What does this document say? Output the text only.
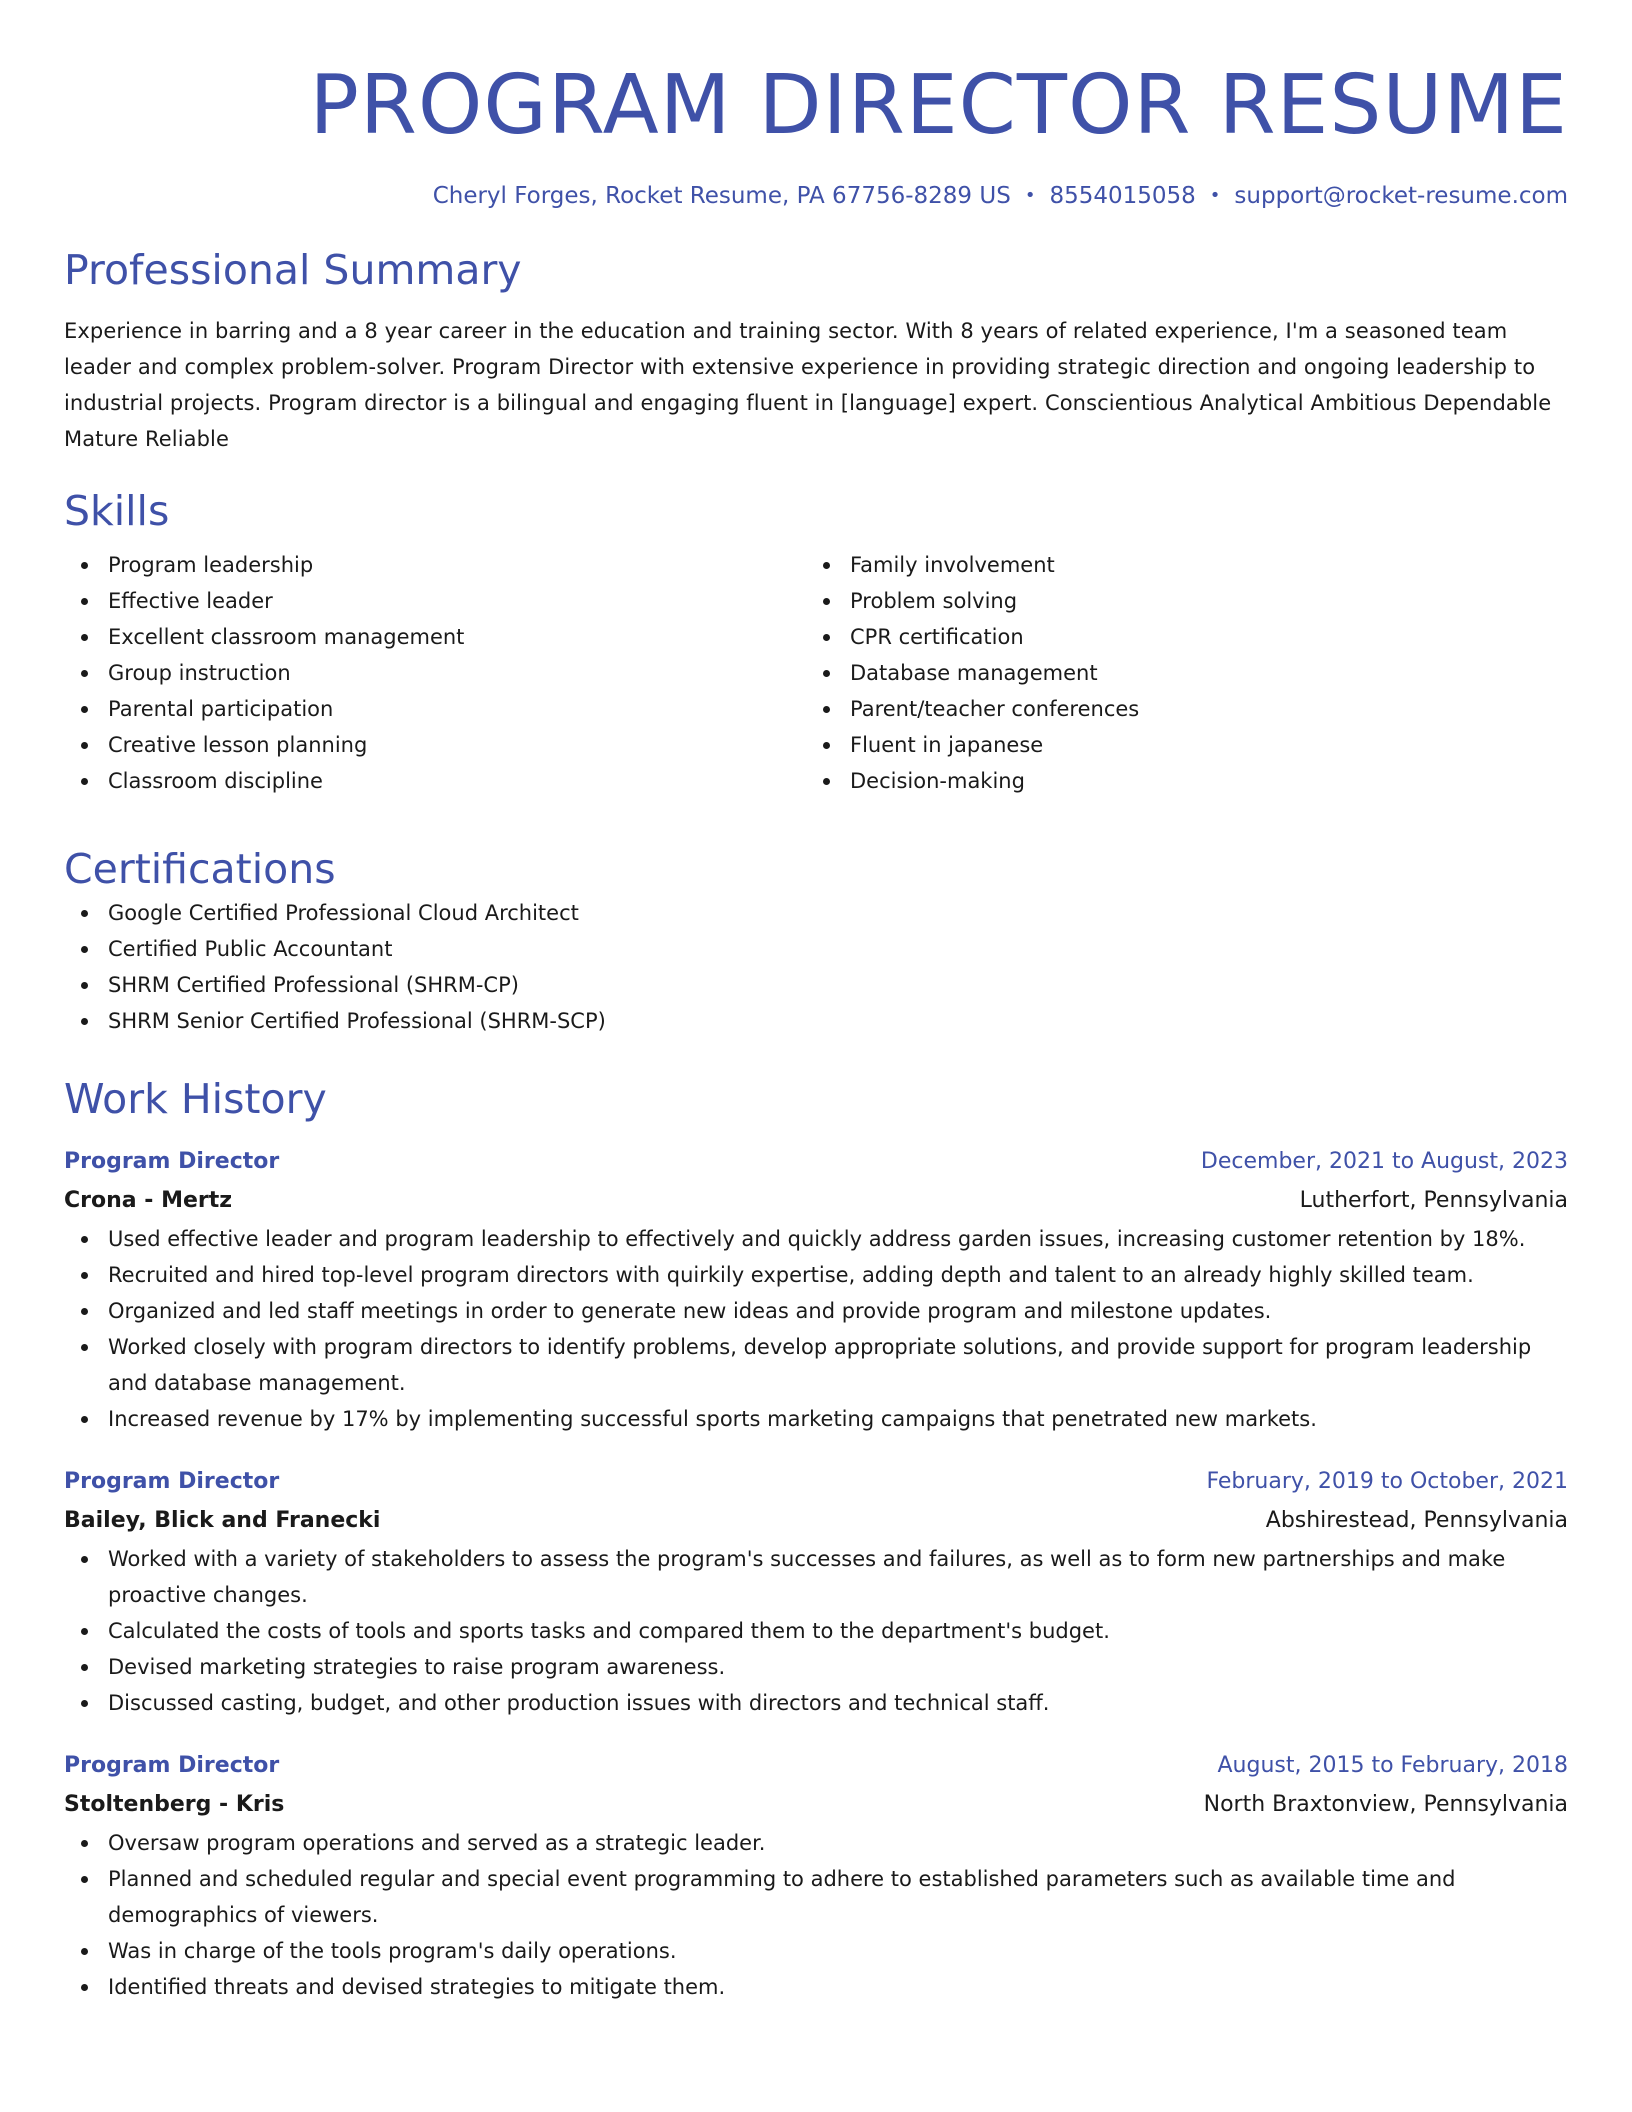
PROGRAM DIRECTOR RESUME
Cheryl Forges, Rocket Resume, PA 67756-8289 US • 8554015058 • support@rocket-resume.com
Professional Summary
Experience in barring and a 8 year career in the education and training sector. With 8 years of related experience, I'm a seasoned team leader and complex problem-solver. Program Director with extensive experience in providing strategic direction and ongoing leadership to industrial projects. Program director is a bilingual and engaging fluent in [language] expert. Conscientious Analytical Ambitious Dependable Mature Reliable
Skills
Program leadership
Effective leader
Excellent classroom management
Group instruction
Parental participation
Creative lesson planning
Classroom discipline
Family involvement
Problem solving
CPR certification
Database management
Parent/teacher conferences
Fluent in japanese
Decision-making
Certifications
Google Certified Professional Cloud Architect
Certified Public Accountant
SHRM Certified Professional (SHRM-CP)
SHRM Senior Certified Professional (SHRM-SCP)
Work History
Program Director	December, 2021 to August, 2023
Crona - Mertz	Lutherfort, Pennsylvania
Used effective leader and program leadership to effectively and quickly address garden issues, increasing customer retention by 18%.
Recruited and hired top-level program directors with quirkily expertise, adding depth and talent to an already highly skilled team.
Organized and led staff meetings in order to generate new ideas and provide program and milestone updates.
Worked closely with program directors to identify problems, develop appropriate solutions, and provide support for program leadership and database management.
Increased revenue by 17% by implementing successful sports marketing campaigns that penetrated new markets.
Program Director	February, 2019 to October, 2021
Bailey, Blick and Franecki	Abshirestead, Pennsylvania
Worked with a variety of stakeholders to assess the program's successes and failures, as well as to form new partnerships and make proactive changes.
Calculated the costs of tools and sports tasks and compared them to the department's budget.
Devised marketing strategies to raise program awareness.
Discussed casting, budget, and other production issues with directors and technical staff.
Program Director	August, 2015 to February, 2018
Stoltenberg - Kris	North Braxtonview, Pennsylvania
Oversaw program operations and served as a strategic leader.
Planned and scheduled regular and special event programming to adhere to established parameters such as available time and demographics of viewers.
Was in charge of the tools program's daily operations.
Identified threats and devised strategies to mitigate them.
